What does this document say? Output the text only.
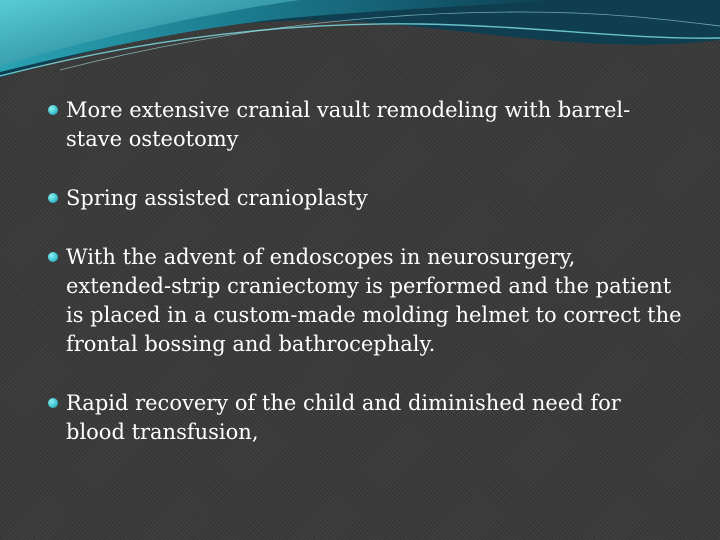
More extensive cranial vault remodeling with barrel-stave osteotomy
Spring assisted cranioplasty
With the advent of endoscopes in neurosurgery, extended-strip craniectomy is performed and the patient is placed in a custom-made molding helmet to correct the frontal bossing and bathrocephaly.
Rapid recovery of the child and diminished need for blood transfusion,
